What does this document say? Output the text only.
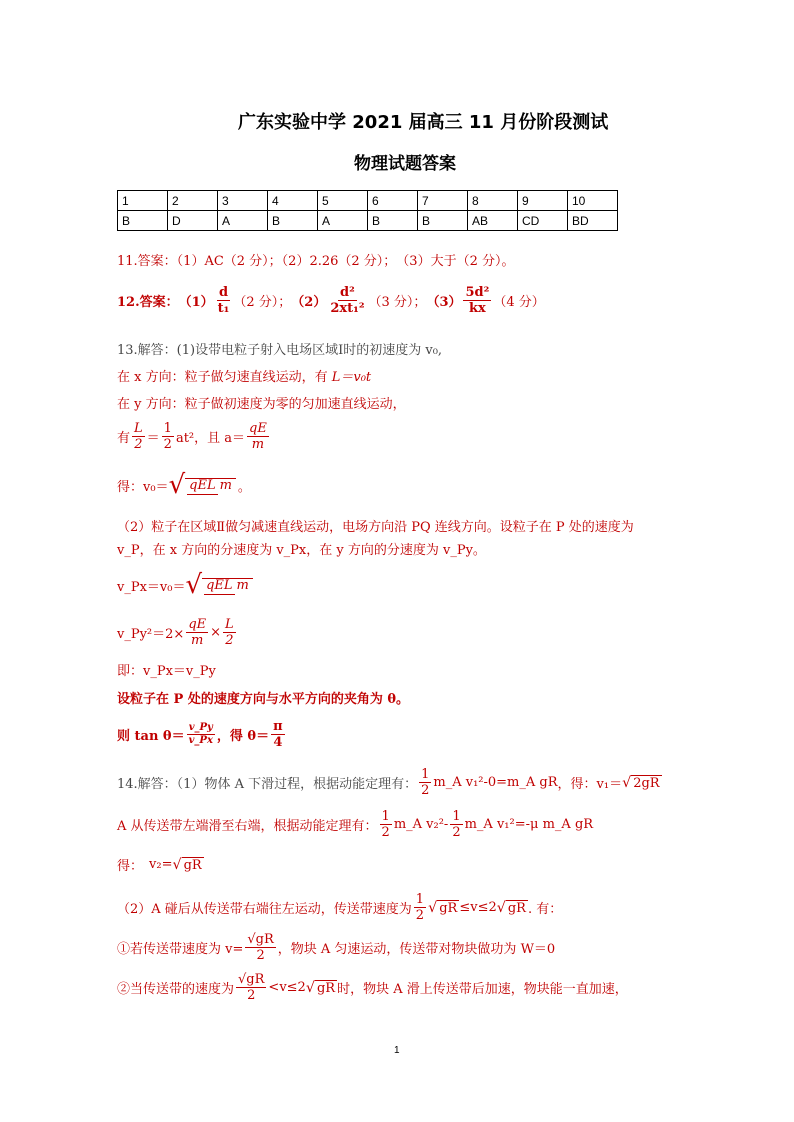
广东实验中学 2021 届高三 11 月份阶段测试
物理试题答案
1	2	3	4	5	6	7	8	9	10
B	D	A	B	A	B	B	AB	CD	BD
11.答案：（1）AC（2 分）；（2）2.26（2 分）；　（3）大于（2 分）。
12.答案： $(1) \frac{d}{\text{t₁}} (2$ 分）； $(2) \frac{\text{d²}}{\text{2xt₁²}} (3$ 分）； $(3) \frac{\text{5d²}}{kx} (4$ 分）
13.解答：(1)设带电粒子射入电场区域Ⅰ时的初速度为 v₀,
在 x 方向：粒子做匀速直线运动，有 L＝v₀t
在 y 方向：粒子做初速度为零的匀加速直线运动，
有 $\frac{L}{2} = \frac{1}{2} at^2$，且 $a= \frac{qE}{m}$
得：v₀＝ √ qEL m 。
（2）粒子在区域Ⅱ做匀减速直线运动，电场方向沿 PQ 连线方向。设粒子在 P 处的速度为
v_P，在 x 方向的分速度为 v_Px，在 y 方向的分速度为 v_Py。
v_Px＝v₀＝ √ qEL m
v_Py²＝2× $\frac{qE}{m} \times \frac{L}{2}$
即：v_Px＝v_Py
设粒子在 P 处的速度方向与水平方向的夹角为 θ。
则 $\tan \theta= \frac{v\_Py}{v\_Px}$ ，得 $\theta= \frac{\pi}{4}$
14.解答：（1）物体 A 下滑过程，根据动能定理有： $\frac{1}{2}$ m_A v₁²-0=m_A gR ，得：v₁＝ √ 2gR
A 从传送带左端滑至右端，根据动能定理有： $\frac{1}{2}$ m_A $v_2^2- \frac{1}{2}$ m_A v₁²=-μ m_A gR
得： v₂= √ gR
（2）A 碰后从传送带右端往左运动，传送带速度为 $\frac{1}{2}$ √ gR ≤v≤2 √ gR . 有：
①若传送带速度为 $v= \frac{√gR}{2}$ ，物块 A 匀速运动，传送带对物块做功为 W＝0
②当传送带的速度为 $\frac{√gR}{2} <v\le 2$ √ gR 时，物块 A 滑上传送带后加速，物块能一直加速，
1
